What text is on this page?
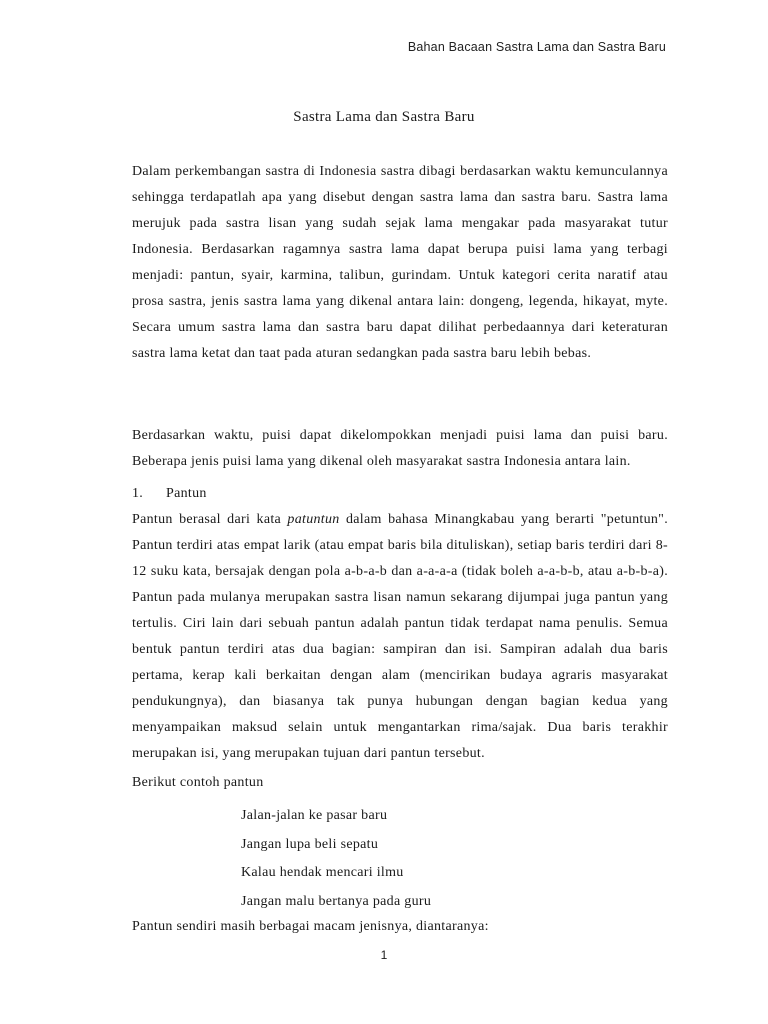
Bahan Bacaan Sastra Lama dan Sastra Baru
Sastra Lama dan Sastra Baru

Dalam perkembangan sastra di Indonesia sastra dibagi berdasarkan waktu kemunculannya sehingga terdapatlah apa yang disebut dengan sastra lama dan sastra baru. Sastra lama merujuk pada sastra lisan yang sudah sejak lama mengakar pada masyarakat tutur Indonesia. Berdasarkan ragamnya sastra lama dapat berupa puisi lama yang terbagi menjadi: pantun, syair, karmina, talibun, gurindam. Untuk kategori cerita naratif atau prosa sastra, jenis sastra lama yang dikenal antara lain: dongeng, legenda, hikayat, myte. Secara umum sastra lama dan sastra baru dapat dilihat perbedaannya dari keteraturan sastra lama ketat dan taat pada aturan sedangkan pada sastra baru lebih bebas.

Berdasarkan waktu, puisi dapat dikelompokkan menjadi puisi lama dan puisi baru. Beberapa jenis puisi lama yang dikenal oleh masyarakat sastra Indonesia antara lain.

1. Pantun

Pantun berasal dari kata patuntun dalam bahasa Minangkabau yang berarti "petuntun". Pantun terdiri atas empat larik (atau empat baris bila dituliskan), setiap baris terdiri dari 8-12 suku kata, bersajak dengan pola a-b-a-b dan a-a-a-a (tidak boleh a-a-b-b, atau a-b-b-a). Pantun pada mulanya merupakan sastra lisan namun sekarang dijumpai juga pantun yang tertulis. Ciri lain dari sebuah pantun adalah pantun tidak terdapat nama penulis. Semua bentuk pantun terdiri atas dua bagian: sampiran dan isi. Sampiran adalah dua baris pertama, kerap kali berkaitan dengan alam (mencirikan budaya agraris masyarakat pendukungnya), dan biasanya tak punya hubungan dengan bagian kedua yang menyampaikan maksud selain untuk mengantarkan rima/sajak. Dua baris terakhir merupakan isi, yang merupakan tujuan dari pantun tersebut.

Berikut contoh pantun

Jalan-jalan ke pasar baru
Jangan lupa beli sepatu
Kalau hendak mencari ilmu
Jangan malu bertanya pada guru

Pantun sendiri masih berbagai macam jenisnya, diantaranya:

1
